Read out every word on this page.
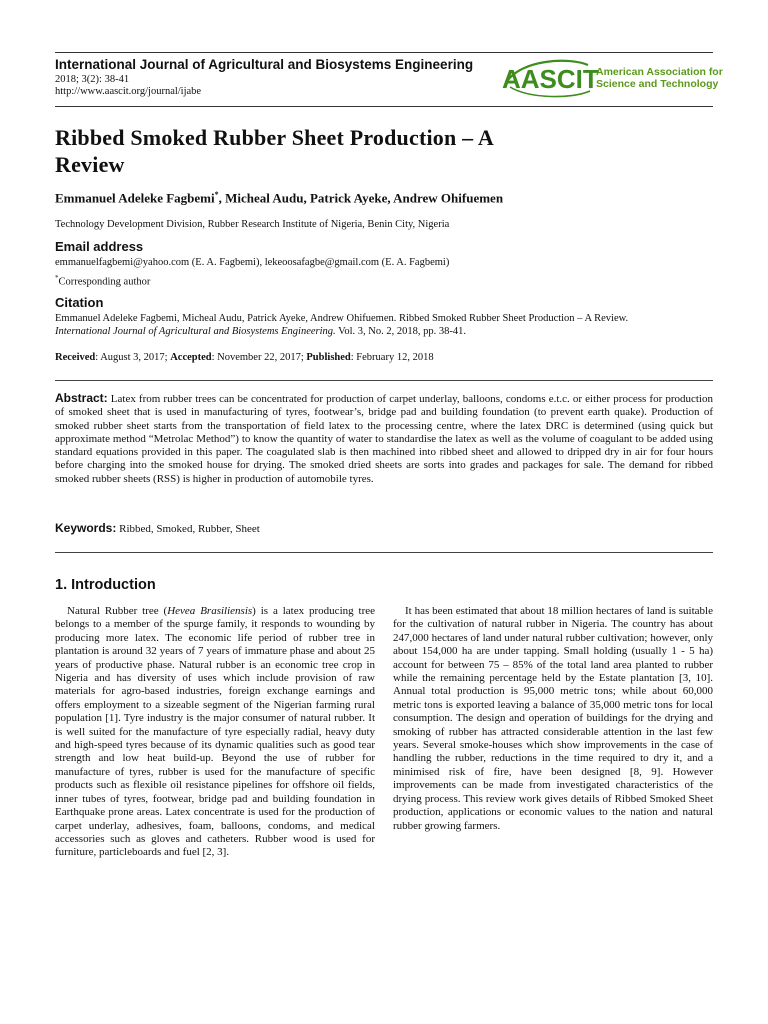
International Journal of Agricultural and Biosystems Engineering
2018; 3(2): 38-41
http://www.aascit.org/journal/ijabe	AASCIT
American Association for
Science and Technology
Ribbed Smoked Rubber Sheet Production – A
Review
Emmanuel Adeleke Fagbemi*, Micheal Audu, Patrick Ayeke, Andrew Ohifuemen
Technology Development Division, Rubber Research Institute of Nigeria, Benin City, Nigeria
Email address
emmanuelfagbemi@yahoo.com (E. A. Fagbemi), lekeoosafagbe@gmail.com (E. A. Fagbemi)
*Corresponding author
Citation
Emmanuel Adeleke Fagbemi, Micheal Audu, Patrick Ayeke, Andrew Ohifuemen. Ribbed Smoked Rubber Sheet Production – A Review.
International Journal of Agricultural and Biosystems Engineering. Vol. 3, No. 2, 2018, pp. 38-41.
Received: August 3, 2017; Accepted: November 22, 2017; Published: February 12, 2018
Abstract: Latex from rubber trees can be concentrated for production of carpet underlay, balloons, condoms e.t.c. or either process for production of smoked sheet that is used in manufacturing of tyres, footwear’s, bridge pad and building foundation (to prevent earth quake). Production of smoked rubber sheet starts from the transportation of field latex to the processing centre, where the latex DRC is determined (using quick but approximate method “Metrolac Method”) to know the quantity of water to standardise the latex as well as the volume of coagulant to be added using standard equations provided in this paper. The coagulated slab is then machined into ribbed sheet and allowed to dripped dry in air for four hours before charging into the smoked house for drying. The smoked dried sheets are sorts into grades and packages for sale. The demand for ribbed smoked rubber sheets (RSS) is higher in production of automobile tyres.
Keywords: Ribbed, Smoked, Rubber, Sheet
1. Introduction

Natural Rubber tree (Hevea Brasiliensis) is a latex producing tree belongs to a member of the spurge family, it responds to wounding by producing more latex. The economic life period of rubber tree in plantation is around 32 years of 7 years of immature phase and about 25 years of productive phase. Natural rubber is an economic tree crop in Nigeria and has diversity of uses which include provision of raw materials for agro-based industries, foreign exchange earnings and offers employment to a sizeable segment of the Nigerian farming rural population [1]. Tyre industry is the major consumer of natural rubber. It is well suited for the manufacture of tyre especially radial, heavy duty and high-speed tyres because of its dynamic qualities such as good tear strength and low heat build-up. Beyond the use of rubber for manufacture of tyres, rubber is used for the manufacture of specific products such as flexible oil resistance pipelines for offshore oil fields, inner tubes of tyres, footwear, bridge pad and building foundation in Earthquake prone areas. Latex concentrate is used for the production of carpet underlay, adhesives, foam, balloons, condoms, and medical accessories such as gloves and catheters. Rubber wood is used for furniture, particleboards and fuel [2, 3].

It has been estimated that about 18 million hectares of land is suitable for the cultivation of natural rubber in Nigeria. The country has about 247,000 hectares of land under natural rubber cultivation; however, only about 154,000 ha are under tapping. Small holding (usually 1 - 5 ha) account for between 75 – 85% of the total land area planted to rubber while the remaining percentage held by the Estate plantation [3, 10]. Annual total production is 95,000 metric tons; while about 60,000 metric tons is exported leaving a balance of 35,000 metric tons for local consumption. The design and operation of buildings for the drying and smoking of rubber has attracted considerable attention in the last few years. Several smoke-houses which show improvements in the case of handling the rubber, reductions in the time required to dry it, and a minimised risk of fire, have been designed [8, 9]. However improvements can be made from investigated characteristics of the drying process. This review work gives details of Ribbed Smoked Sheet production, applications or economic values to the nation and natural rubber growing farmers.
